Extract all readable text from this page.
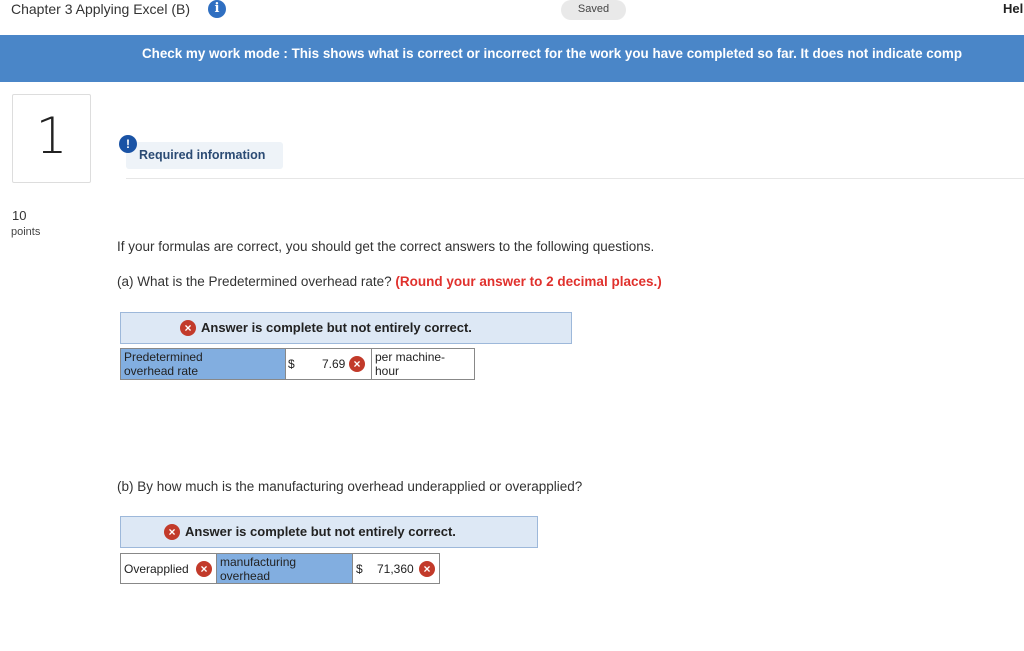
Chapter 3 Applying Excel (B)	i	Saved	Hel
Check my work mode : This shows what is correct or incorrect for the work you have completed so far. It does not indicate comp
1
10
points
Required information
!
If your formulas are correct, you should get the correct answers to the following questions.
(a) What is the Predetermined overhead rate? (Round your answer to 2 decimal places.)
× Answer is complete but not entirely correct.
Predetermined
overhead rate	$ 7.69 ×	per machine-
hour
(b) By how much is the manufacturing overhead underapplied or overapplied?
× Answer is complete but not entirely correct.
Overapplied ×	manufacturing
overhead	$ 71,360 ×
